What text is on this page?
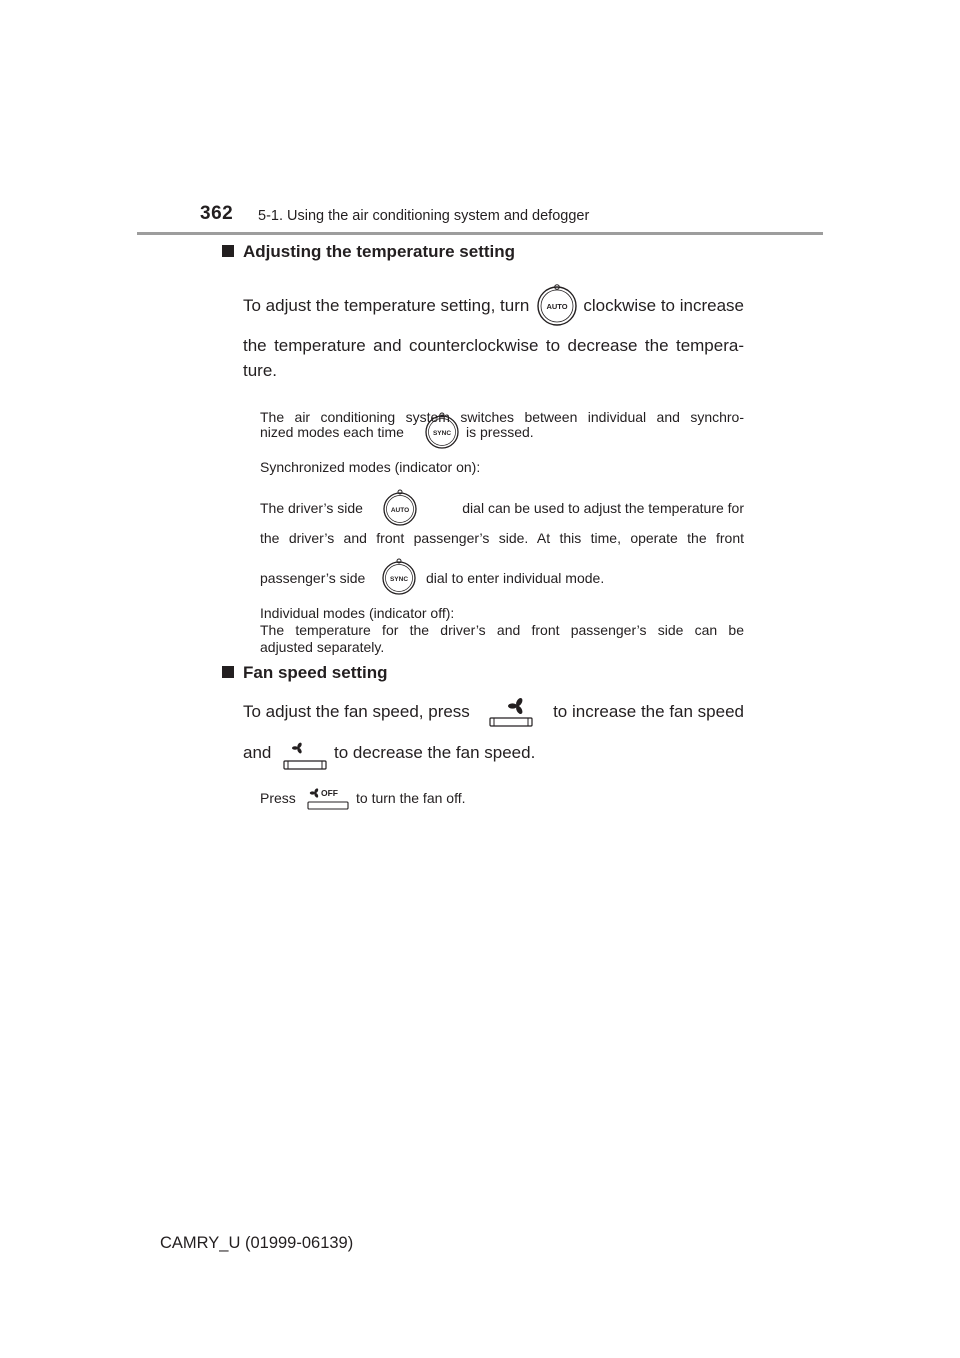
362 5-1. Using the air conditioning system and defogger
Adjusting the temperature setting
To adjust the temperature setting, turn	clockwise to increase
AUTO
the temperature and counterclockwise to decrease the tempera-
ture.
The air conditioning system switches between individual and synchro-
nized modes each time	is pressed.
SYNC
Synchronized modes (indicator on):
The driver’s side	dial can be used to adjust the temperature for
AUTO
the driver’s and front passenger’s side. At this time, operate the front
passenger’s side	dial to enter individual mode.
SYNC
Individual modes (indicator off):
The temperature for the driver’s and front passenger’s side can be
adjusted separately.
Fan speed setting
To adjust the fan speed, press	to increase the fan speed
and	to decrease the fan speed.
Press	to turn the fan off.
OFF
CAMRY_U (01999-06139)
